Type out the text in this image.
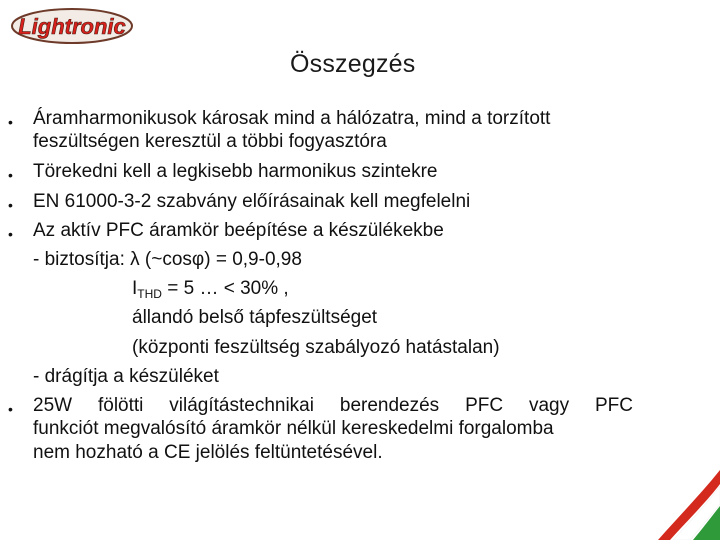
Lightronic
Összegzés
• Áramharmonikusok károsak mind a hálózatra, mind a torzított
feszültségen keresztül a többi fogyasztóra
• Törekedni kell a legkisebb harmonikus szintekre
• EN 61000-3-2 szabvány előírásainak kell megfelelni
• Az aktív PFC áramkör beépítése a készülékekbe
- biztosítja: λ (~cosφ) = 0,9-0,98
$I_{THD} = 5$ … < 30% ,
állandó belső tápfeszültséget
(központi feszültség szabályozó hatástalan)
- drágítja a készüléket
• 25W fölötti világítástechnikai berendezés PFC vagy PFC
funkciót megvalósító áramkör nélkül kereskedelmi forgalomba
nem hozható a CE jelölés feltüntetésével.
